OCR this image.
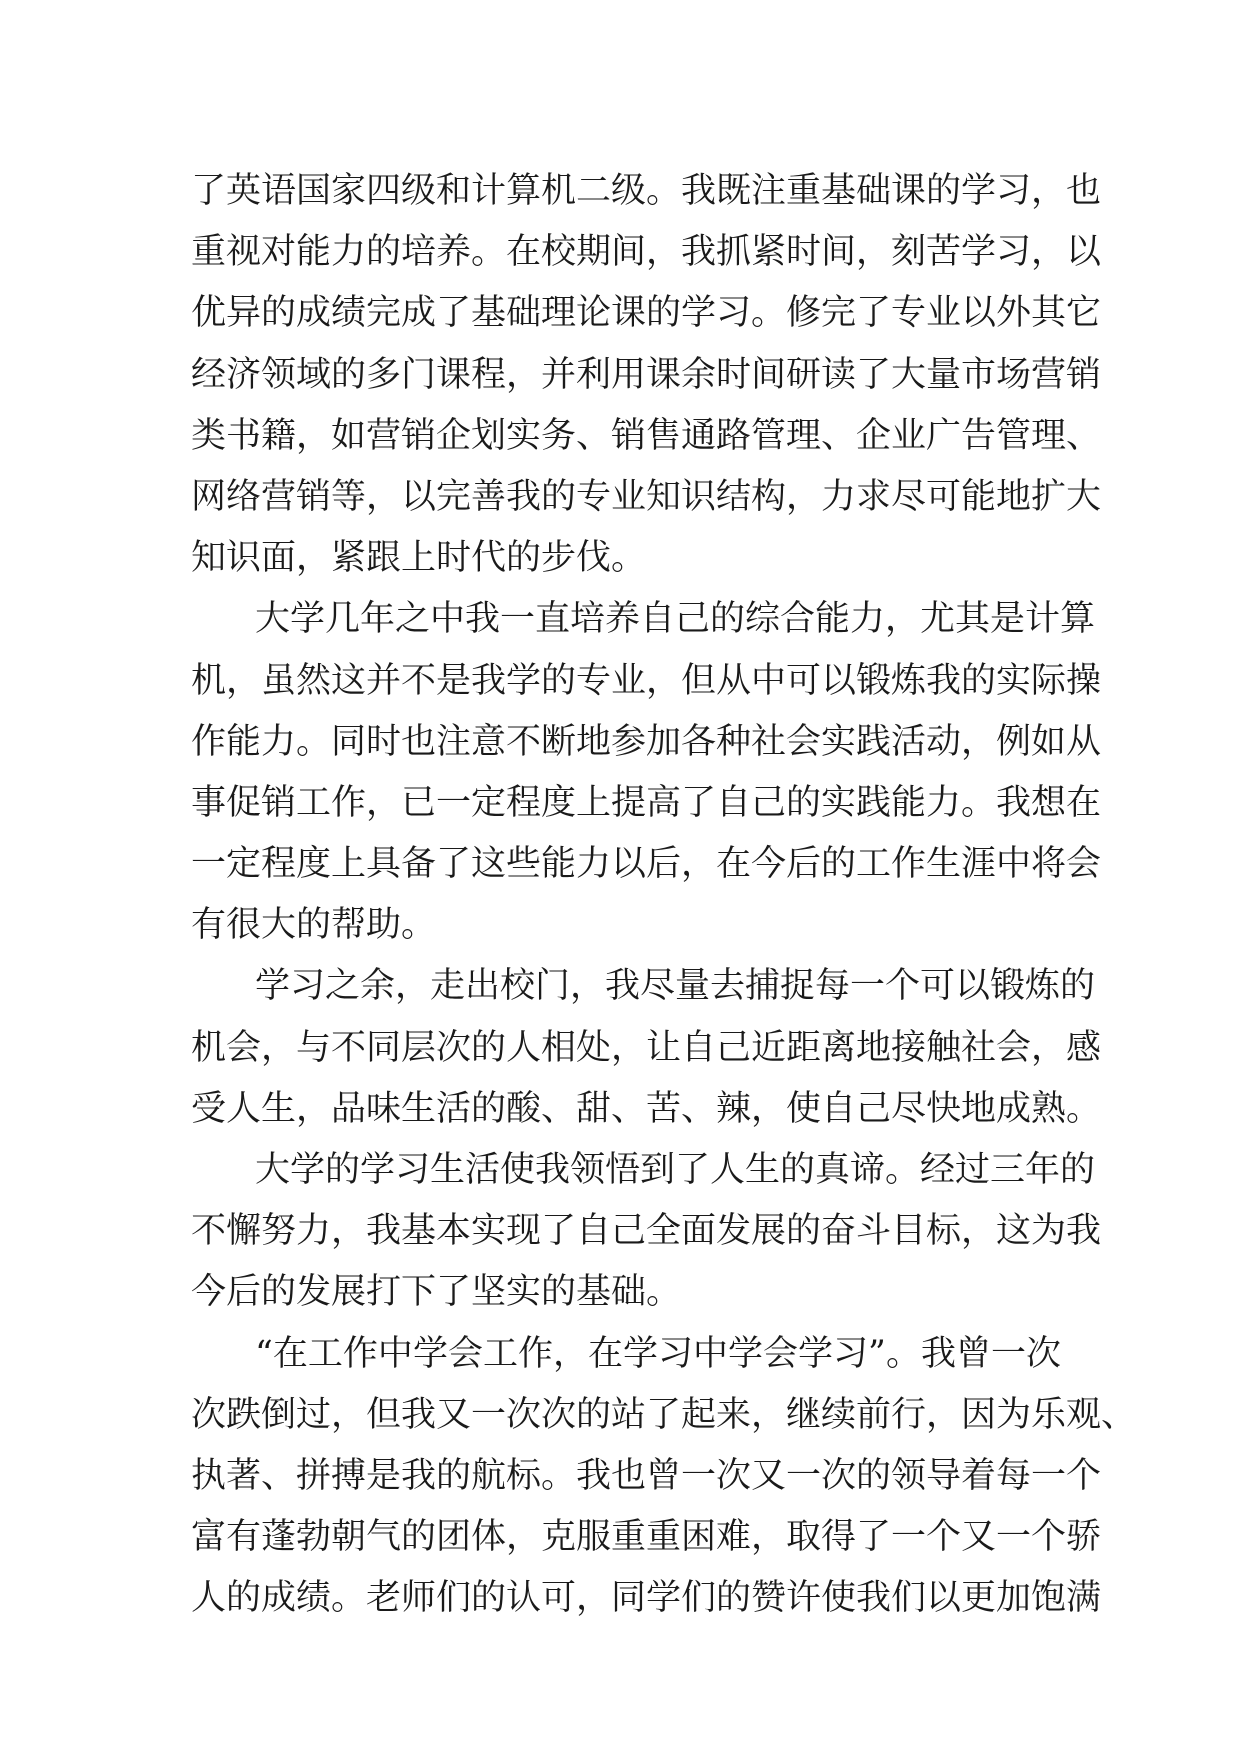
了英语国家四级和计算机二级。我既注重基础课的学习，也
重视对能力的培养。在校期间，我抓紧时间，刻苦学习，以
优异的成绩完成了基础理论课的学习。修完了专业以外其它
经济领域的多门课程，并利用课余时间研读了大量市场营销
类书籍，如营销企划实务、销售通路管理、企业广告管理、
网络营销等，以完善我的专业知识结构，力求尽可能地扩大
知识面，紧跟上时代的步伐。
大学几年之中我一直培养自己的综合能力，尤其是计算
机，虽然这并不是我学的专业，但从中可以锻炼我的实际操
作能力。同时也注意不断地参加各种社会实践活动，例如从
事促销工作，已一定程度上提高了自己的实践能力。我想在
一定程度上具备了这些能力以后，在今后的工作生涯中将会
有很大的帮助。
学习之余，走出校门，我尽量去捕捉每一个可以锻炼的
机会，与不同层次的人相处，让自己近距离地接触社会，感
受人生，品味生活的酸、甜、苦、辣，使自己尽快地成熟。
大学的学习生活使我领悟到了人生的真谛。经过三年的
不懈努力，我基本实现了自己全面发展的奋斗目标，这为我
今后的发展打下了坚实的基础。
“在工作中学会工作，在学习中学会学习”。我曾一次
次跌倒过，但我又一次次的站了起来，继续前行，因为乐观、
执著、拼搏是我的航标。我也曾一次又一次的领导着每一个
富有蓬勃朝气的团体，克服重重困难，取得了一个又一个骄
人的成绩。老师们的认可，同学们的赞许使我们以更加饱满
